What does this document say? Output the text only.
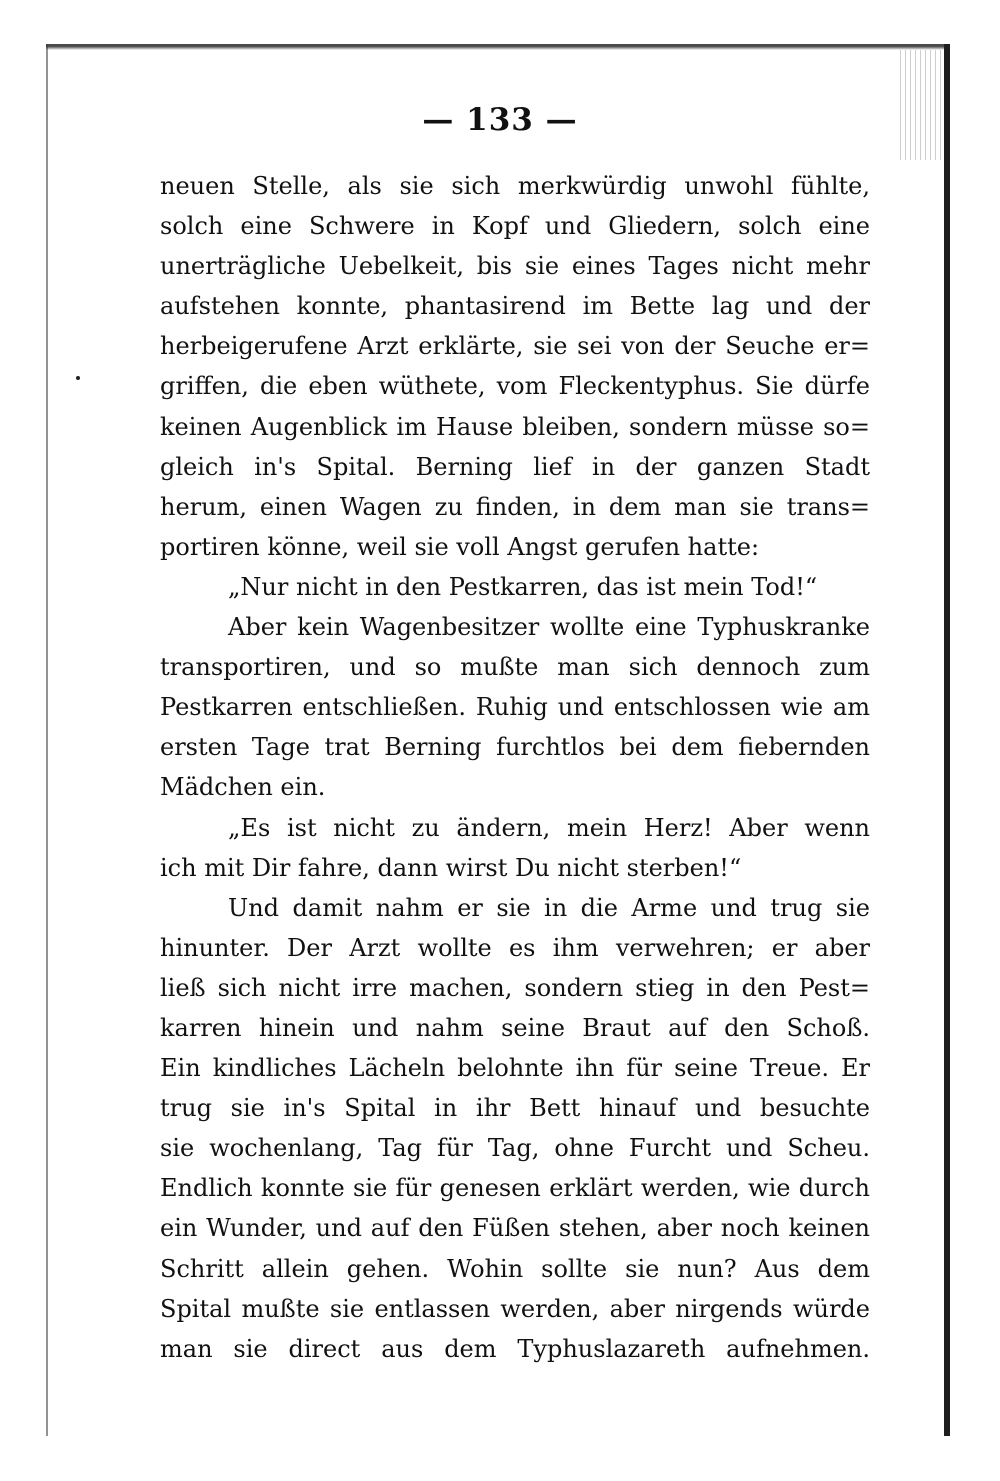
— 133 —
neuen Stelle, als sie sich merkwürdig unwohl fühlte,
solch eine Schwere in Kopf und Gliedern, solch eine
unerträgliche Uebelkeit, bis sie eines Tages nicht mehr
aufstehen konnte, phantasirend im Bette lag und der
herbeigerufene Arzt erklärte, sie sei von der Seuche er=
griffen, die eben wüthete, vom Fleckentyphus. Sie dürfe
keinen Augenblick im Hause bleiben, sondern müsse so=
gleich in's Spital. Berning lief in der ganzen Stadt
herum, einen Wagen zu finden, in dem man sie trans=
portiren könne, weil sie voll Angst gerufen hatte:
„Nur nicht in den Pestkarren, das ist mein Tod!“
Aber kein Wagenbesitzer wollte eine Typhuskranke
transportiren, und so mußte man sich dennoch zum
Pestkarren entschließen. Ruhig und entschlossen wie am
ersten Tage trat Berning furchtlos bei dem fiebernden
Mädchen ein.
„Es ist nicht zu ändern, mein Herz! Aber wenn
ich mit Dir fahre, dann wirst Du nicht sterben!“
Und damit nahm er sie in die Arme und trug sie
hinunter. Der Arzt wollte es ihm verwehren; er aber
ließ sich nicht irre machen, sondern stieg in den Pest=
karren hinein und nahm seine Braut auf den Schoß.
Ein kindliches Lächeln belohnte ihn für seine Treue. Er
trug sie in's Spital in ihr Bett hinauf und besuchte
sie wochenlang, Tag für Tag, ohne Furcht und Scheu.
Endlich konnte sie für genesen erklärt werden, wie durch
ein Wunder, und auf den Füßen stehen, aber noch keinen
Schritt allein gehen. Wohin sollte sie nun? Aus dem
Spital mußte sie entlassen werden, aber nirgends würde
man sie direct aus dem Typhuslazareth aufnehmen.
